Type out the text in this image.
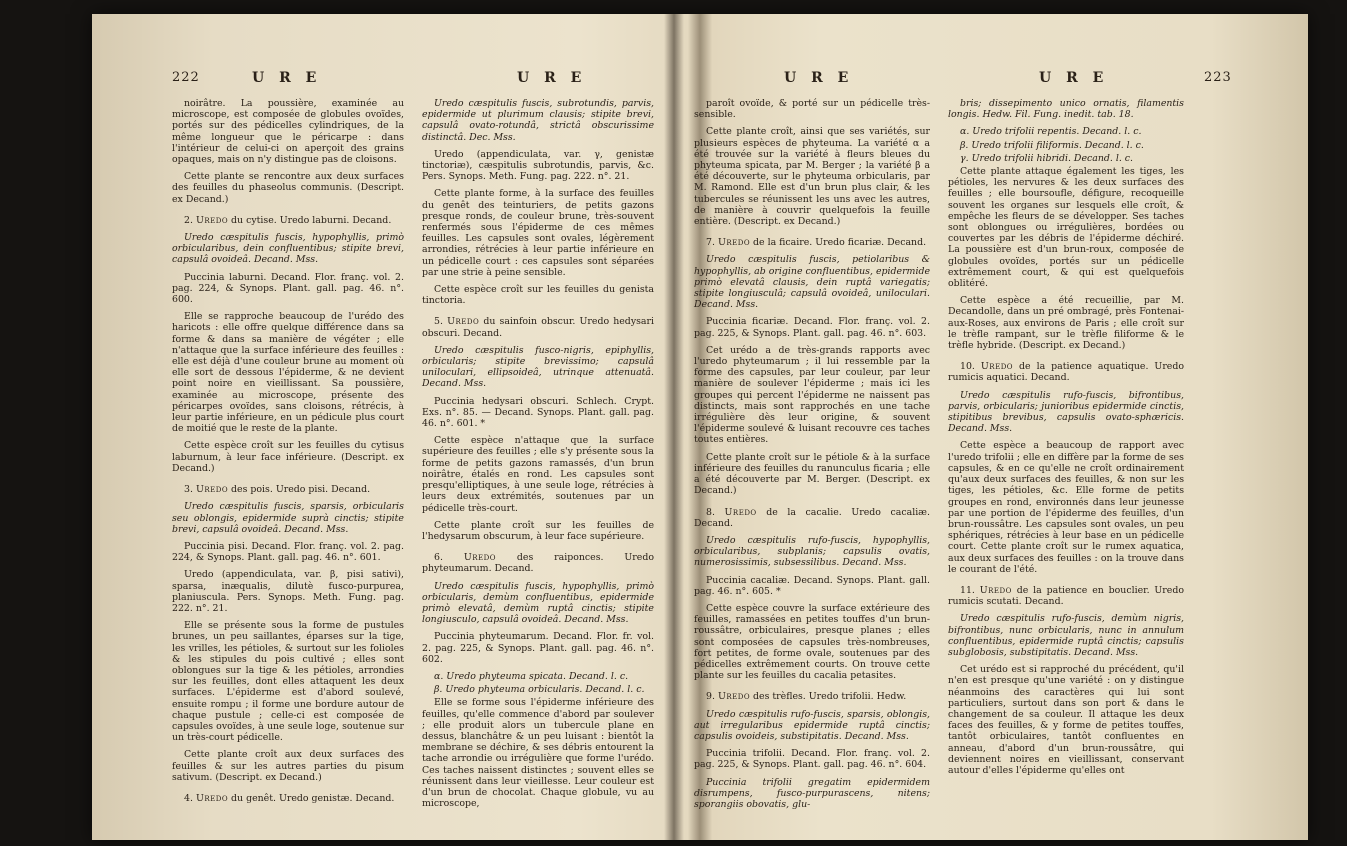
222	U R E	U R E

noirâtre. La poussière, examinée au microscope, est composée de globules ovoïdes, portés sur des pédicelles cylindriques, de la même longueur que le péricarpe : dans l'intérieur de celui-ci on aperçoit des grains opaques, mais on n'y distingue pas de cloisons.

Cette plante se rencontre aux deux surfaces des feuilles du phaseolus communis. (Descript. ex Decand.)

2. Uredo du cytise. Uredo laburni. Decand.

Uredo cæspitulis fuscis, hypophyllis, primò orbicularibus, dein confluentibus; stipite brevi, capsulâ ovoideâ. Decand. Mss.

Puccinia laburni. Decand. Flor. franç. vol. 2. pag. 224, & Synops. Plant. gall. pag. 46. n°. 600.

Elle se rapproche beaucoup de l'urédo des haricots : elle offre quelque différence dans sa forme & dans sa manière de végéter ; elle n'attaque que la surface inférieure des feuilles : elle est déjà d'une couleur brune au moment où elle sort de dessous l'épiderme, & ne devient point noire en vieillissant. Sa poussière, examinée au microscope, présente des péricarpes ovoïdes, sans cloisons, rétrécis, à leur partie inférieure, en un pédicule plus court de moitié que le reste de la plante.

Cette espèce croît sur les feuilles du cytisus laburnum, à leur face inférieure. (Descript. ex Decand.)

3. Uredo des pois. Uredo pisi. Decand.

Uredo cæspitulis fuscis, sparsis, orbicularis seu oblongis, epidermide suprà cinctis; stipite brevi, capsulâ ovoideâ. Decand. Mss.

Puccinia pisi. Decand. Flor. franç. vol. 2. pag. 224, & Synops. Plant. gall. pag. 46. n°. 601.

Uredo (appendiculata, var. β, pisi sativi), sparsa, inæqualis, dilutè fusco-purpurea, planiuscula. Pers. Synops. Meth. Fung. pag. 222. n°. 21.

Elle se présente sous la forme de pustules brunes, un peu saillantes, éparses sur la tige, les vrilles, les pétioles, & surtout sur les folioles & les stipules du pois cultivé ; elles sont oblongues sur la tige & les pétioles, arrondies sur les feuilles, dont elles attaquent les deux surfaces. L'épiderme est d'abord soulevé, ensuite rompu ; il forme une bordure autour de chaque pustule ; celle-ci est composée de capsules ovoïdes, à une seule loge, soutenue sur un très-court pédicelle.

Cette plante croît aux deux surfaces des feuilles & sur les autres parties du pisum sativum. (Descript. ex Decand.)

4. Uredo du genêt. Uredo genistæ. Decand.

Uredo cæspitulis fuscis, subrotundis, parvis, epidermide ut plurimum clausis; stipite brevi, capsulâ ovato-rotundâ, strictâ obscurissime distinctâ. Dec. Mss.

Uredo (appendiculata, var. γ, genistæ tinctoriæ), cæspitulis subrotundis, parvis, &c. Pers. Synops. Meth. Fung. pag. 222. n°. 21.

Cette plante forme, à la surface des feuilles du genêt des teinturiers, de petits gazons presque ronds, de couleur brune, très-souvent renfermés sous l'épiderme de ces mêmes feuilles. Les capsules sont ovales, légèrement arrondies, rétrécies à leur partie inférieure en un pédicelle court : ces capsules sont séparées par une strie à peine sensible.

Cette espèce croît sur les feuilles du genista tinctoria.

5. Uredo du sainfoin obscur. Uredo hedysari obscuri. Decand.

Uredo cæspitulis fusco-nigris, epiphyllis, orbicularis; stipite brevissimo; capsulâ uniloculari, ellipsoideâ, utrinque attenuatâ. Decand. Mss.

Puccinia hedysari obscuri. Schlech. Crypt. Exs. n°. 85. — Decand. Synops. Plant. gall. pag. 46. n°. 601. *

Cette espèce n'attaque que la surface supérieure des feuilles ; elle s'y présente sous la forme de petits gazons ramassés, d'un brun noirâtre, étalés en rond. Les capsules sont presqu'elliptiques, à une seule loge, rétrécies à leurs deux extrémités, soutenues par un pédicelle très-court.

Cette plante croît sur les feuilles de l'hedysarum obscurum, à leur face supérieure.

6. Uredo des raiponces. Uredo phyteumarum. Decand.

Uredo cæspitulis fuscis, hypophyllis, primò orbicularis, demùm confluentibus, epidermide primò elevatâ, demùm ruptâ cinctis; stipite longiusculo, capsulâ ovoideâ. Decand. Mss.

Puccinia phyteumarum. Decand. Flor. fr. vol. 2. pag. 225, & Synops. Plant. gall. pag. 46. n°. 602.

α. Uredo phyteuma spicata. Decand. l. c.

β. Uredo phyteuma orbicularis. Decand. l. c.

Elle se forme sous l'épiderme inférieure des feuilles, qu'elle commence d'abord par soulever ; elle produit alors un tubercule plane en dessus, blanchâtre & un peu luisant : bientôt la membrane se déchire, & ses débris entourent la tache arrondie ou irrégulière que forme l'urédo. Ces taches naissent distinctes ; souvent elles se réunissent dans leur vieillesse. Leur couleur est d'un brun de chocolat. Chaque globule, vu au microscope,

U R E	U R E	223

paroît ovoïde, & porté sur un pédicelle très-sensible.

Cette plante croît, ainsi que ses variétés, sur plusieurs espèces de phyteuma. La variété α a été trouvée sur la variété à fleurs bleues du phyteuma spicata, par M. Berger ; la variété β a été découverte, sur le phyteuma orbicularis, par M. Ramond. Elle est d'un brun plus clair, & les tubercules se réunissent les uns avec les autres, de manière à couvrir quelquefois la feuille entière. (Descript. ex Decand.)

7. Uredo de la ficaire. Uredo ficariæ. Decand.

Uredo cæspitulis fuscis, petiolaribus & hypophyllis, ab origine confluentibus, epidermide primò elevatâ clausis, dein ruptâ variegatis; stipite longiusculâ; capsulâ ovoideâ, uniloculari. Decand. Mss.

Puccinia ficariæ. Decand. Flor. franç. vol. 2. pag. 225, & Synops. Plant. gall. pag. 46. n°. 603.

Cet urédo a de très-grands rapports avec l'uredo phyteumarum ; il lui ressemble par la forme des capsules, par leur couleur, par leur manière de soulever l'épiderme ; mais ici les groupes qui percent l'épiderme ne naissent pas distincts, mais sont rapprochés en une tache irrégulière dès leur origine, & souvent l'épiderme soulevé & luisant recouvre ces taches toutes entières.

Cette plante croît sur le pétiole & à la surface inférieure des feuilles du ranunculus ficaria ; elle a été découverte par M. Berger. (Descript. ex Decand.)

8. Uredo de la cacalie. Uredo cacaliæ. Decand.

Uredo cæspitulis rufo-fuscis, hypophyllis, orbicularibus, subplanis; capsulis ovatis, numerosissimis, subsessilibus. Decand. Mss.

Puccinia cacaliæ. Decand. Synops. Plant. gall. pag. 46. n°. 605. *

Cette espèce couvre la surface extérieure des feuilles, ramassées en petites touffes d'un brun-roussâtre, orbiculaires, presque planes ; elles sont composées de capsules très-nombreuses, fort petites, de forme ovale, soutenues par des pédicelles extrêmement courts. On trouve cette plante sur les feuilles du cacalia petasites.

9. Uredo des trèfles. Uredo trifolii. Hedw.

Uredo cæspitulis rufo-fuscis, sparsis, oblongis, aut irregularibus epidermide ruptâ cinctis; capsulis ovoideis, substipitatis. Decand. Mss.

Puccinia trifolii. Decand. Flor. franç. vol. 2. pag. 225, & Synops. Plant. gall. pag. 46. n°. 604.

Puccinia trifolii gregatim epidermidem disrumpens, fusco-purpurascens, nitens; sporangiis obovatis, glu-

bris; dissepimento unico ornatis, filamentis longis. Hedw. Fil. Fung. inedit. tab. 18.

α. Uredo trifolii repentis. Decand. l. c.

β. Uredo trifolii filiformis. Decand. l. c.

γ. Uredo trifolii hibridi. Decand. l. c.

Cette plante attaque également les tiges, les pétioles, les nervures & les deux surfaces des feuilles ; elle boursoufle, défigure, recoqueille souvent les organes sur lesquels elle croît, & empêche les fleurs de se développer. Ses taches sont oblongues ou irrégulières, bordées ou couvertes par les débris de l'épiderme déchiré. La poussière est d'un brun-roux, composée de globules ovoïdes, portés sur un pédicelle extrêmement court, & qui est quelquefois oblitéré.

Cette espèce a été recueillie, par M. Decandolle, dans un pré ombragé, près Fontenai-aux-Roses, aux environs de Paris ; elle croît sur le trèfle rampant, sur le trèfle filiforme & le trèfle hybride. (Descript. ex Decand.)

10. Uredo de la patience aquatique. Uredo rumicis aquatici. Decand.

Uredo cæspitulis rufo-fuscis, bifrontibus, parvis, orbicularis; junioribus epidermide cinctis, stipitibus brevibus, capsulis ovato-sphæricis. Decand. Mss.

Cette espèce a beaucoup de rapport avec l'uredo trifolii ; elle en diffère par la forme de ses capsules, & en ce qu'elle ne croît ordinairement qu'aux deux surfaces des feuilles, & non sur les tiges, les pétioles, &c. Elle forme de petits groupes en rond, environnés dans leur jeunesse par une portion de l'épiderme des feuilles, d'un brun-roussâtre. Les capsules sont ovales, un peu sphériques, rétrécies à leur base en un pédicelle court. Cette plante croît sur le rumex aquatica, aux deux surfaces des feuilles : on la trouve dans le courant de l'été.

11. Uredo de la patience en bouclier. Uredo rumicis scutati. Decand.

Uredo cæspitulis rufo-fuscis, demùm nigris, bifrontibus, nunc orbicularis, nunc in annulum confluentibus, epidermide ruptâ cinctis; capsulis subglobosis, substipitatis. Decand. Mss.

Cet urédo est si rapproché du précédent, qu'il n'en est presque qu'une variété : on y distingue néanmoins des caractères qui lui sont particuliers, surtout dans son port & dans le changement de sa couleur. Il attaque les deux faces des feuilles, & y forme de petites touffes, tantôt orbiculaires, tantôt confluentes en anneau, d'abord d'un brun-roussâtre, qui deviennent noires en vieillissant, conservant autour d'elles l'épiderme qu'elles ont
